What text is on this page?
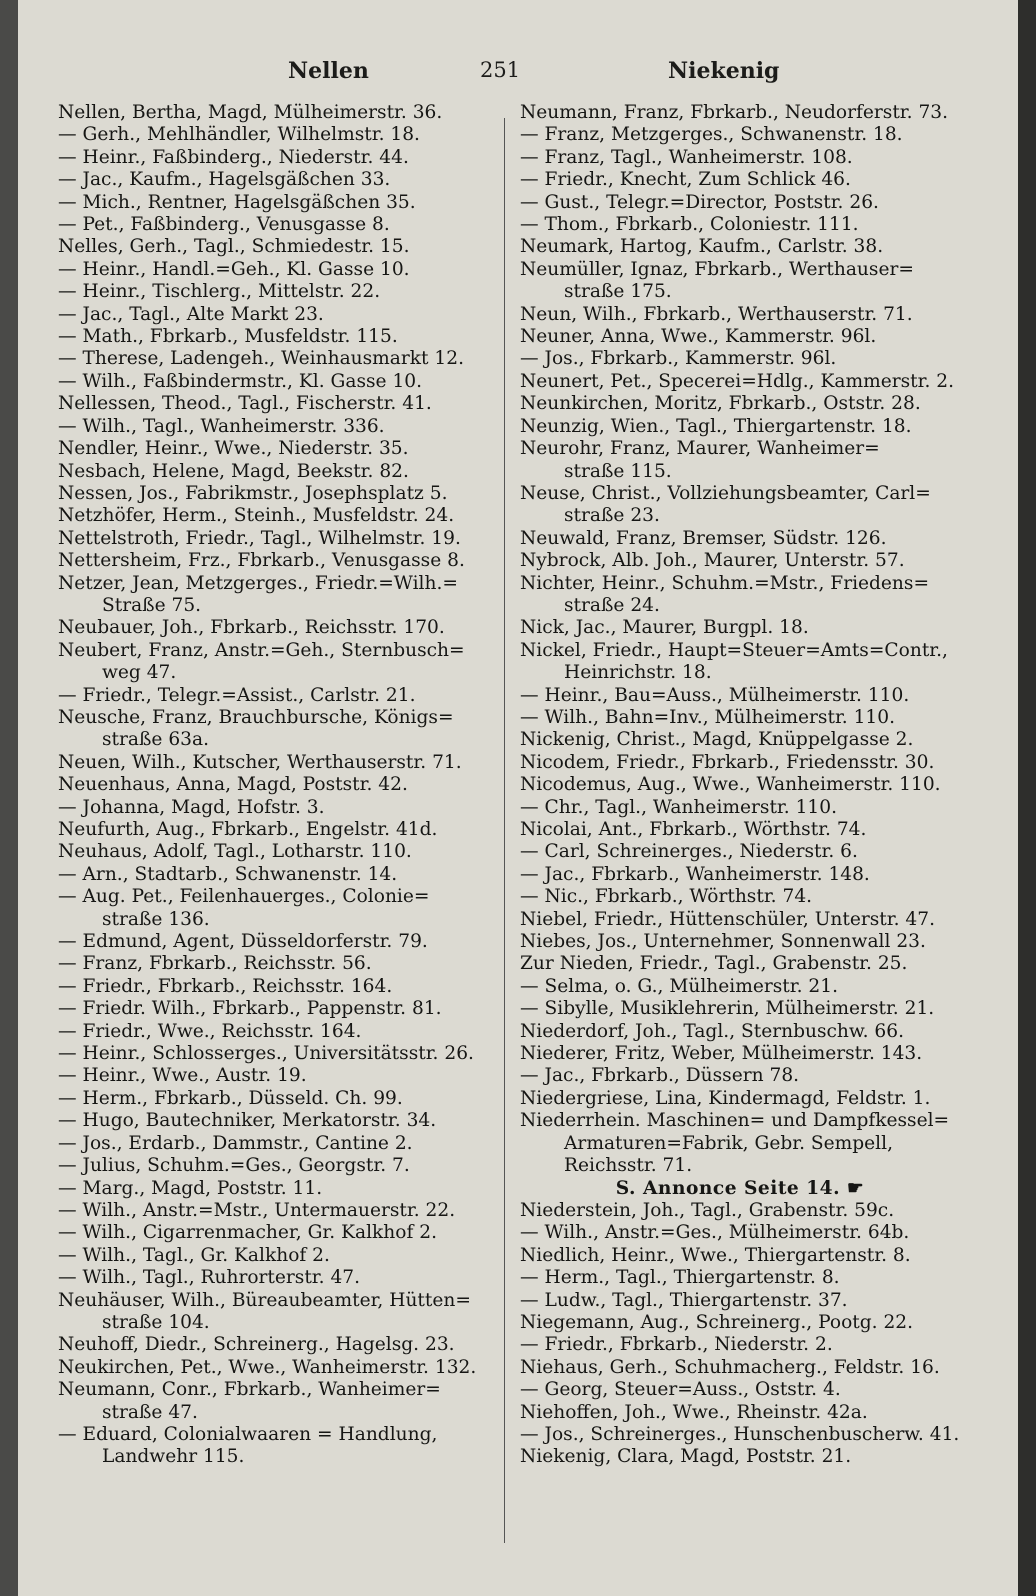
Nellen	251	Niekenig
Nellen, Bertha, Magd, Mülheimerstr. 36.
— Gerh., Mehlhändler, Wilhelmstr. 18.
— Heinr., Faßbinderg., Niederstr. 44.
— Jac., Kaufm., Hagelsgäßchen 33.
— Mich., Rentner, Hagelsgäßchen 35.
— Pet., Faßbinderg., Venusgasse 8.
Nelles, Gerh., Tagl., Schmiedestr. 15.
— Heinr., Handl.=Geh., Kl. Gasse 10.
— Heinr., Tischlerg., Mittelstr. 22.
— Jac., Tagl., Alte Markt 23.
— Math., Fbrkarb., Musfeldstr. 115.
— Therese, Ladengeh., Weinhausmarkt 12.
— Wilh., Faßbindermstr., Kl. Gasse 10.
Nellessen, Theod., Tagl., Fischerstr. 41.
— Wilh., Tagl., Wanheimerstr. 336.
Nendler, Heinr., Wwe., Niederstr. 35.
Nesbach, Helene, Magd, Beekstr. 82.
Nessen, Jos., Fabrikmstr., Josephsplatz 5.
Netzhöfer, Herm., Steinh., Musfeldstr. 24.
Nettelstroth, Friedr., Tagl., Wilhelmstr. 19.
Nettersheim, Frz., Fbrkarb., Venusgasse 8.
Netzer, Jean, Metzgerges., Friedr.=Wilh.=
Straße 75.
Neubauer, Joh., Fbrkarb., Reichsstr. 170.
Neubert, Franz, Anstr.=Geh., Sternbusch=
weg 47.
— Friedr., Telegr.=Assist., Carlstr. 21.
Neusche, Franz, Brauchbursche, Königs=
straße 63a.
Neuen, Wilh., Kutscher, Werthauserstr. 71.
Neuenhaus, Anna, Magd, Poststr. 42.
— Johanna, Magd, Hofstr. 3.
Neufurth, Aug., Fbrkarb., Engelstr. 41d.
Neuhaus, Adolf, Tagl., Lotharstr. 110.
— Arn., Stadtarb., Schwanenstr. 14.
— Aug. Pet., Feilenhauerges., Colonie=
straße 136.
— Edmund, Agent, Düsseldorferstr. 79.
— Franz, Fbrkarb., Reichsstr. 56.
— Friedr., Fbrkarb., Reichsstr. 164.
— Friedr. Wilh., Fbrkarb., Pappenstr. 81.
— Friedr., Wwe., Reichsstr. 164.
— Heinr., Schlosserges., Universitätsstr. 26.
— Heinr., Wwe., Austr. 19.
— Herm., Fbrkarb., Düsseld. Ch. 99.
— Hugo, Bautechniker, Merkatorstr. 34.
— Jos., Erdarb., Dammstr., Cantine 2.
— Julius, Schuhm.=Ges., Georgstr. 7.
— Marg., Magd, Poststr. 11.
— Wilh., Anstr.=Mstr., Untermauerstr. 22.
— Wilh., Cigarrenmacher, Gr. Kalkhof 2.
— Wilh., Tagl., Gr. Kalkhof 2.
— Wilh., Tagl., Ruhrorterstr. 47.
Neuhäuser, Wilh., Büreaubeamter, Hütten=
straße 104.
Neuhoff, Diedr., Schreinerg., Hagelsg. 23.
Neukirchen, Pet., Wwe., Wanheimerstr. 132.
Neumann, Conr., Fbrkarb., Wanheimer=
straße 47.
— Eduard, Colonialwaaren = Handlung,
Landwehr 115.
Neumann, Franz, Fbrkarb., Neudorferstr. 73.
— Franz, Metzgerges., Schwanenstr. 18.
— Franz, Tagl., Wanheimerstr. 108.
— Friedr., Knecht, Zum Schlick 46.
— Gust., Telegr.=Director, Poststr. 26.
— Thom., Fbrkarb., Coloniestr. 111.
Neumark, Hartog, Kaufm., Carlstr. 38.
Neumüller, Ignaz, Fbrkarb., Werthauser=
straße 175.
Neun, Wilh., Fbrkarb., Werthauserstr. 71.
Neuner, Anna, Wwe., Kammerstr. 96l.
— Jos., Fbrkarb., Kammerstr. 96l.
Neunert, Pet., Specerei=Hdlg., Kammerstr. 2.
Neunkirchen, Moritz, Fbrkarb., Oststr. 28.
Neunzig, Wien., Tagl., Thiergartenstr. 18.
Neurohr, Franz, Maurer, Wanheimer=
straße 115.
Neuse, Christ., Vollziehungsbeamter, Carl=
straße 23.
Neuwald, Franz, Bremser, Südstr. 126.
Nybrock, Alb. Joh., Maurer, Unterstr. 57.
Nichter, Heinr., Schuhm.=Mstr., Friedens=
straße 24.
Nick, Jac., Maurer, Burgpl. 18.
Nickel, Friedr., Haupt=Steuer=Amts=Contr.,
Heinrichstr. 18.
— Heinr., Bau=Auss., Mülheimerstr. 110.
— Wilh., Bahn=Inv., Mülheimerstr. 110.
Nickenig, Christ., Magd, Knüppelgasse 2.
Nicodem, Friedr., Fbrkarb., Friedensstr. 30.
Nicodemus, Aug., Wwe., Wanheimerstr. 110.
— Chr., Tagl., Wanheimerstr. 110.
Nicolai, Ant., Fbrkarb., Wörthstr. 74.
— Carl, Schreinerges., Niederstr. 6.
— Jac., Fbrkarb., Wanheimerstr. 148.
— Nic., Fbrkarb., Wörthstr. 74.
Niebel, Friedr., Hüttenschüler, Unterstr. 47.
Niebes, Jos., Unternehmer, Sonnenwall 23.
Zur Nieden, Friedr., Tagl., Grabenstr. 25.
— Selma, o. G., Mülheimerstr. 21.
— Sibylle, Musiklehrerin, Mülheimerstr. 21.
Niederdorf, Joh., Tagl., Sternbuschw. 66.
Niederer, Fritz, Weber, Mülheimerstr. 143.
— Jac., Fbrkarb., Düssern 78.
Niedergriese, Lina, Kindermagd, Feldstr. 1.
Niederrhein. Maschinen= und Dampfkessel=
Armaturen=Fabrik, Gebr. Sempell,
Reichsstr. 71.
S. Annonce Seite 14. ☛
Niederstein, Joh., Tagl., Grabenstr. 59c.
— Wilh., Anstr.=Ges., Mülheimerstr. 64b.
Niedlich, Heinr., Wwe., Thiergartenstr. 8.
— Herm., Tagl., Thiergartenstr. 8.
— Ludw., Tagl., Thiergartenstr. 37.
Niegemann, Aug., Schreinerg., Pootg. 22.
— Friedr., Fbrkarb., Niederstr. 2.
Niehaus, Gerh., Schuhmacherg., Feldstr. 16.
— Georg, Steuer=Auss., Oststr. 4.
Niehoffen, Joh., Wwe., Rheinstr. 42a.
— Jos., Schreinerges., Hunschenbuscherw. 41.
Niekenig, Clara, Magd, Poststr. 21.
